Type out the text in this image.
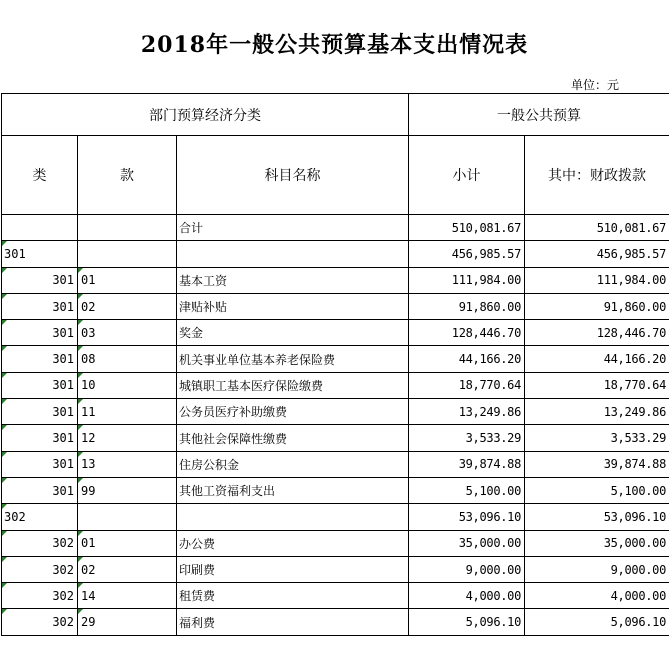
2018年一般公共预算基本支出情况表
单位：元
部门预算经济分类			一般公共预算	
类	款	科目名称	小计	其中：财政拨款
		合计	510,081.67	510,081.67
301			456,985.57	456,985.57
301	01	基本工资	111,984.00	111,984.00
301	02	津贴补贴	91,860.00	91,860.00
301	03	奖金	128,446.70	128,446.70
301	08	机关事业单位基本养老保险费	44,166.20	44,166.20
301	10	城镇职工基本医疗保险缴费	18,770.64	18,770.64
301	11	公务员医疗补助缴费	13,249.86	13,249.86
301	12	其他社会保障性缴费	3,533.29	3,533.29
301	13	住房公积金	39,874.88	39,874.88
301	99	其他工资福利支出	5,100.00	5,100.00
302			53,096.10	53,096.10
302	01	办公费	35,000.00	35,000.00
302	02	印刷费	9,000.00	9,000.00
302	14	租赁费	4,000.00	4,000.00
302	29	福利费	5,096.10	5,096.10
